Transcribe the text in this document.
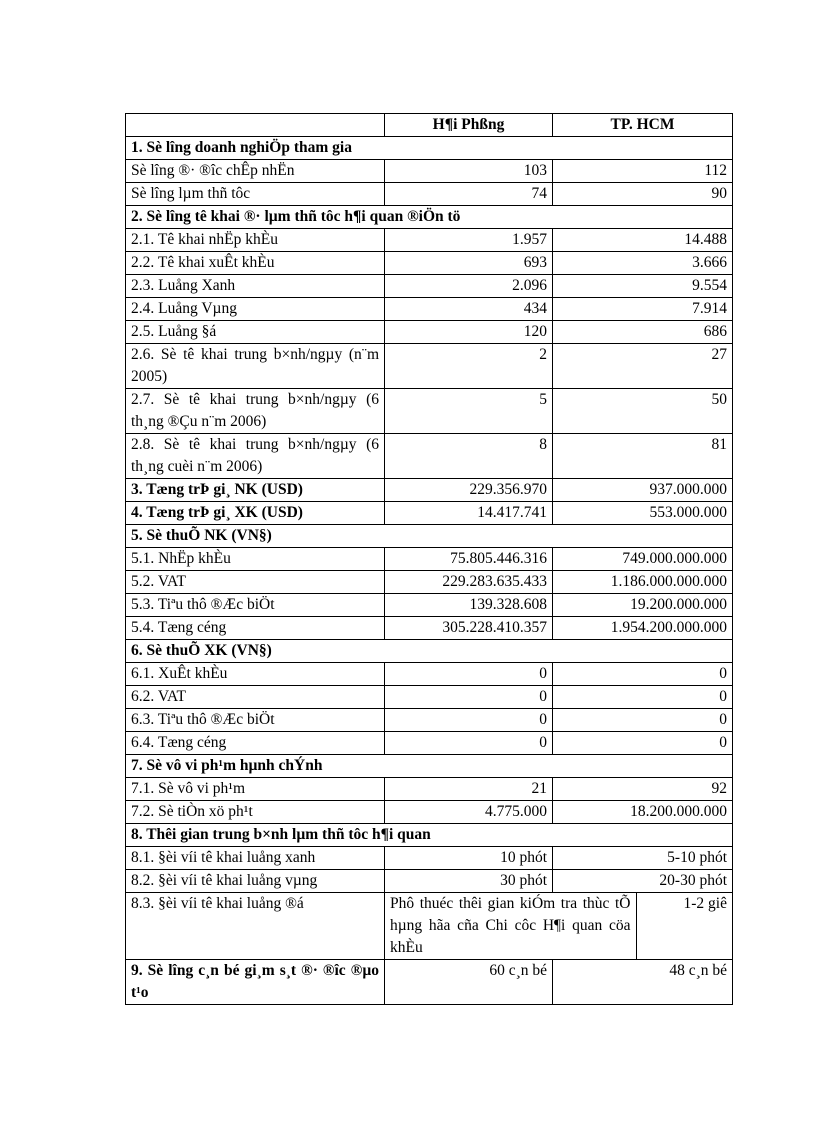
	H¶i Phßng	TP. HCM
1. Sè lîng doanh nghiÖp tham gia
Sè lîng ®· ®îc chÊp nhËn	103	112
Sè lîng lµm thñ tôc	74	90
2. Sè lîng tê khai ®· lµm thñ tôc h¶i quan ®iÖn tö
2.1. Tê khai nhËp khÈu	1.957	14.488
2.2. Tê khai xuÊt khÈu	693	3.666
2.3. Luång Xanh	2.096	9.554
2.4. Luång Vµng	434	7.914
2.5. Luång §á	120	686
2.6. Sè tê khai trung b×nh/ngµy (n¨m 2005)	2	27
2.7. Sè tê khai trung b×nh/ngµy (6 th¸ng ®Çu n¨m 2006)	5	50
2.8. Sè tê khai trung b×nh/ngµy (6 th¸ng cuèi n¨m 2006)	8	81
3. Tæng trÞ gi¸ NK (USD)	229.356.970	937.000.000
4. Tæng trÞ gi¸ XK (USD)	14.417.741	553.000.000
5. Sè thuÕ NK (VN§)
5.1. NhËp khÈu	75.805.446.316	749.000.000.000
5.2. VAT	229.283.635.433	1.186.000.000.000
5.3. Tiªu thô ®Æc biÖt	139.328.608	19.200.000.000
5.4. Tæng céng	305.228.410.357	1.954.200.000.000
6. Sè thuÕ XK (VN§)
6.1. XuÊt khÈu	0	0
6.2. VAT	0	0
6.3. Tiªu thô ®Æc biÖt	0	0
6.4. Tæng céng	0	0
7. Sè vô vi ph¹m hµnh chÝnh
7.1. Sè vô vi ph¹m	21	92
7.2. Sè tiÒn xö ph¹t	4.775.000	18.200.000.000
8. Thêi gian trung b×nh lµm thñ tôc h¶i quan
8.1. §èi víi tê khai luång xanh	10 phót	5-10 phót
8.2. §èi víi tê khai luång vµng	30 phót	20-30 phót
8.3. §èi víi tê khai luång ®á		Phô thuéc thêi gian kiÓm tra thùc tÕ hµng hãa cña Chi côc H¶i quan cöa khÈu	1-2 giê

9. Sè lîng c¸n bé gi¸m s¸t ®· ®îc ®µo t¹o	60 c¸n bé	48 c¸n bé
